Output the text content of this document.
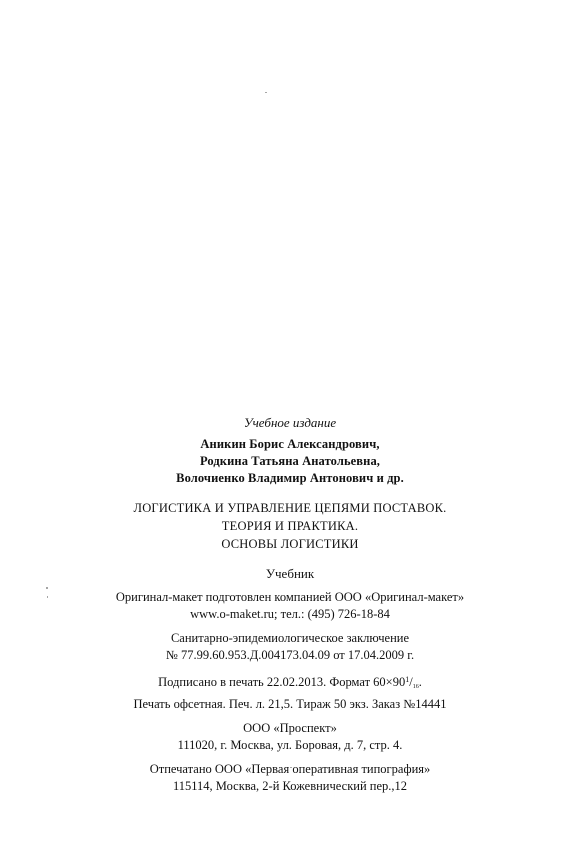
Учебное издание
Аникин Борис Александрович,
Родкина Татьяна Анатольевна,
Волочиенко Владимир Антонович и др.
ЛОГИСТИКА И УПРАВЛЕНИЕ ЦЕПЯМИ ПОСТАВОК.
ТЕОРИЯ И ПРАКТИКА.
ОСНОВЫ ЛОГИСТИКИ
Учебник
Оригинал-макет подготовлен компанией ООО «Оригинал-макет»
www.o-maket.ru; тел.: (495) 726-18-84
Санитарно-эпидемиологическое заключение
№ 77.99.60.953.Д.004173.04.09 от 17.04.2009 г.
Подписано в печать 22.02.2013. Формат $60\times 90^1/_{16}$.
Печать офсетная. Печ. л. 21,5. Тираж 50 экз. Заказ №14441
ООО «Проспект»
111020, г. Москва, ул. Боровая, д. 7, стр. 4.
Отпечатано ООО «Первая оперативная типография»
115114, Москва, 2-й Кожевнический пер.,12
